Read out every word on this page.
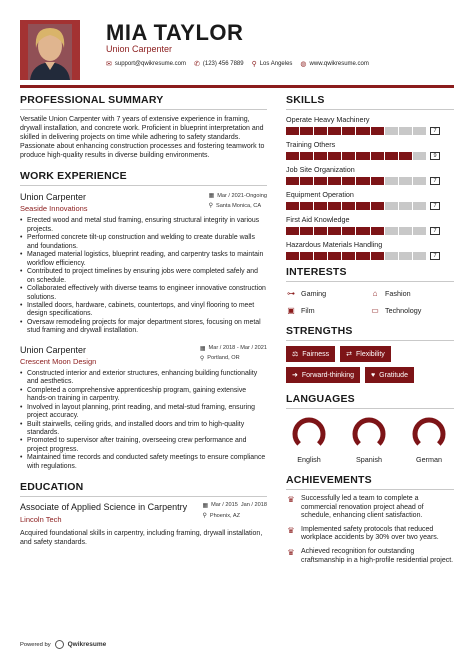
MIA TAYLOR
Union Carpenter
✉ support@qwikresume.com ✆ (123) 456 7889 ⚲ Los Angeles ◍ www.qwikresume.com
PROFESSIONAL SUMMARY
Versatile Union Carpenter with 7 years of extensive experience in framing, drywall installation, and concrete work. Proficient in blueprint interpretation and skilled in delivering projects on time while adhering to safety standards. Passionate about enhancing construction processes and fostering teamwork to produce high-quality results in diverse building environments.
WORK EXPERIENCE
Union Carpenter
Seaside Innovations
▦ Mar / 2021-Ongoing
⚲ Santa Monica, CA
• Erected wood and metal stud framing, ensuring structural integrity in various projects.
• Performed concrete tilt-up construction and welding to create durable walls and foundations.
• Managed material logistics, blueprint reading, and carpentry tasks to maintain workflow efficiency.
• Contributed to project timelines by ensuring jobs were completed safely and on schedule.
• Collaborated effectively with diverse teams to engineer innovative construction solutions.
• Installed doors, hardware, cabinets, countertops, and vinyl flooring to meet design specifications.
• Oversaw remodeling projects for major department stores, focusing on metal stud framing and drywall installation.
Union Carpenter
Crescent Moon Design
▦ Mar / 2018 - Mar / 2021
⚲ Portland, OR
• Constructed interior and exterior structures, enhancing building functionality and aesthetics.
• Completed a comprehensive apprenticeship program, gaining extensive hands-on training in carpentry.
• Involved in layout planning, print reading, and metal-stud framing, ensuring project accuracy.
• Built stairwells, ceiling grids, and installed doors and trim to high-quality standards.
• Promoted to supervisor after training, overseeing crew performance and project progress.
• Maintained time records and conducted safety meetings to ensure compliance with regulations.
EDUCATION
Associate of Applied Science in Carpentry
Lincoln Tech
▦ Mar / 2015 Jan / 2018
⚲ Phoenix, AZ
Acquired foundational skills in carpentry, including framing, drywall installation, and safety standards.
SKILLS
Operate Heavy Machinery
7
Training Others
9
Job Site Organization
7
Equipment Operation
7
First Aid Knowledge
7
Hazardous Materials Handling
7
INTERESTS
⊶ Gaming	⌂	Fashion
▣ Film	▭ Technology
STRENGTHS
⚖ Fairness ⇄ Flexibility
➜ Forward-thinking ♥ Gratitude
LANGUAGES
English	Spanish	German
ACHIEVEMENTS
♛ Successfully led a team to complete a commercial renovation project ahead of schedule, enhancing client satisfaction.
♛ Implemented safety protocols that reduced workplace accidents by 30% over two years.
♛ Achieved recognition for outstanding craftsmanship in a high-profile residential project.
Powered by	Qwikresume
